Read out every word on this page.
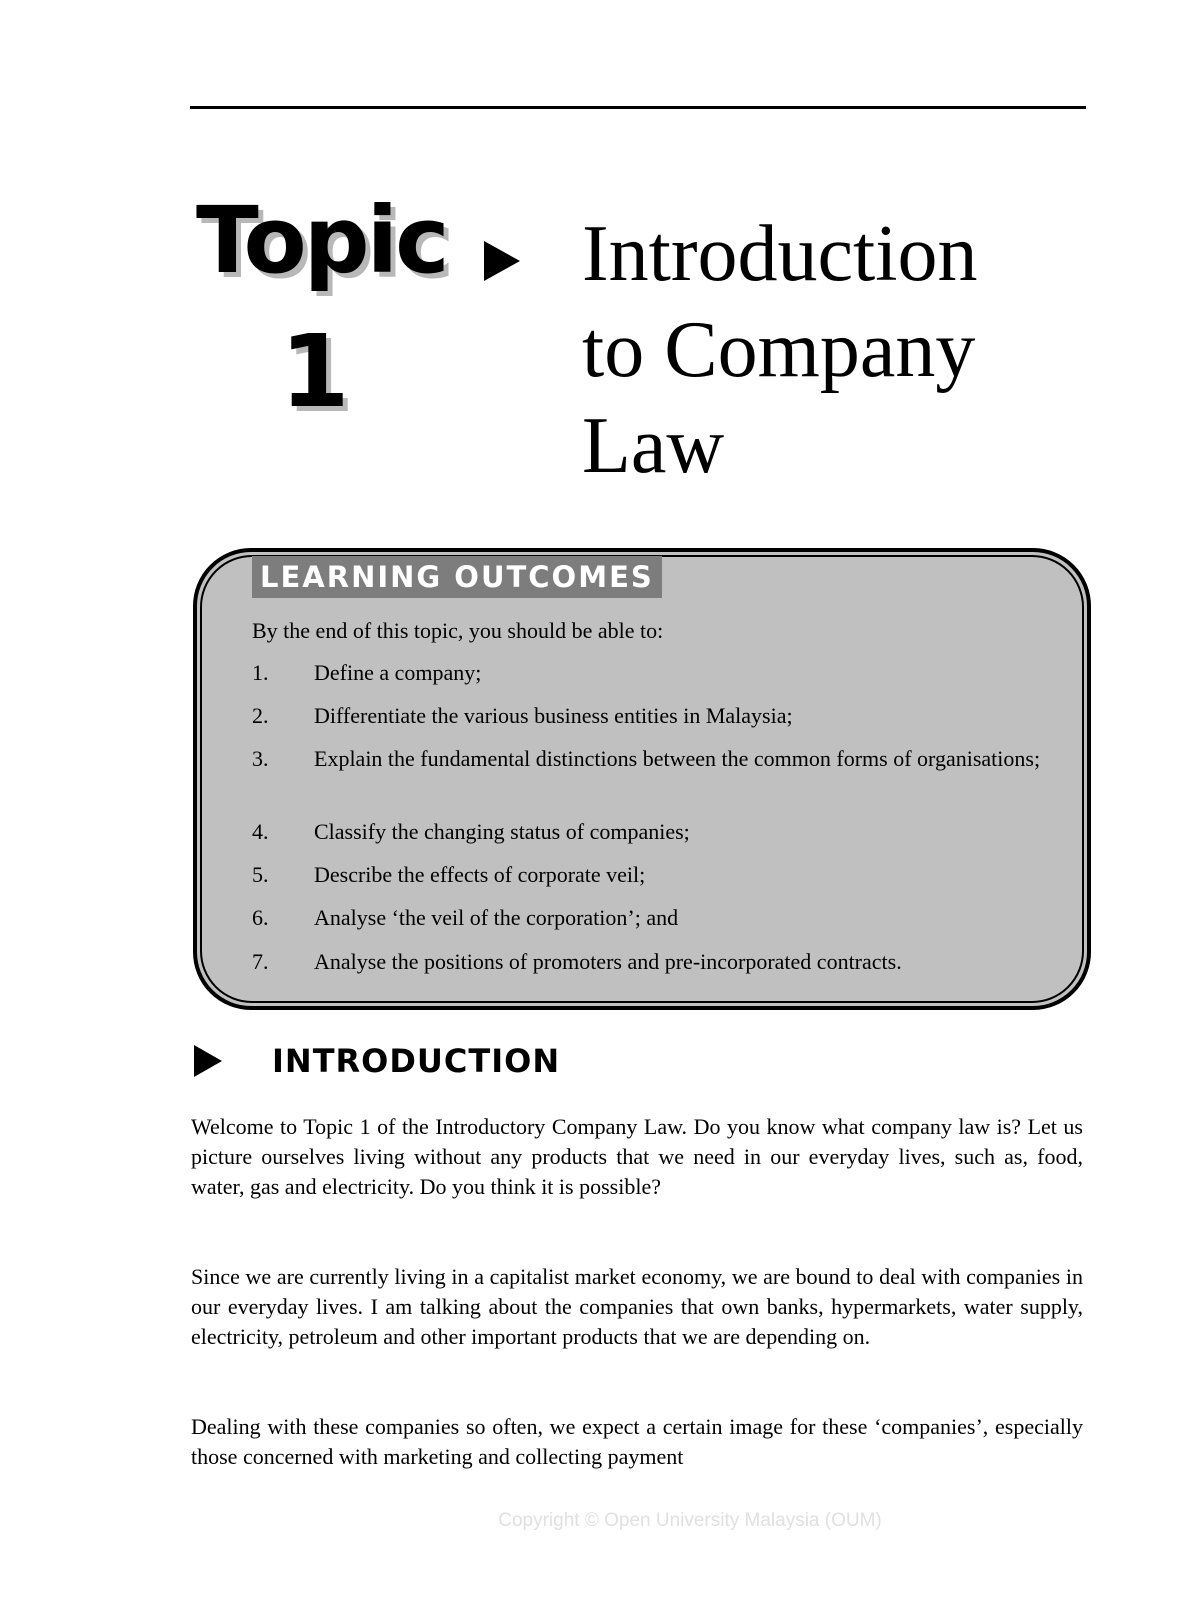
Topic
1
Introduction
to Company
Law
LEARNING OUTCOMES
By the end of this topic, you should be able to:
1. Define a company;
2. Differentiate the various business entities in Malaysia;
3. Explain the fundamental distinctions between the common forms of organisations;
4. Classify the changing status of companies;
5. Describe the effects of corporate veil;
6. Analyse ‘the veil of the corporation’; and
7. Analyse the positions of promoters and pre-incorporated contracts.
INTRODUCTION
Welcome to Topic 1 of the Introductory Company Law. Do you know what company law is? Let us picture ourselves living without any products that we need in our everyday lives, such as, food, water, gas and electricity. Do you think it is possible?
Since we are currently living in a capitalist market economy, we are bound to deal with companies in our everyday lives. I am talking about the companies that own banks, hypermarkets, water supply, electricity, petroleum and other important products that we are depending on.
Dealing with these companies so often, we expect a certain image for these ‘companies’, especially those concerned with marketing and collecting payment
Copyright © Open University Malaysia (OUM)
